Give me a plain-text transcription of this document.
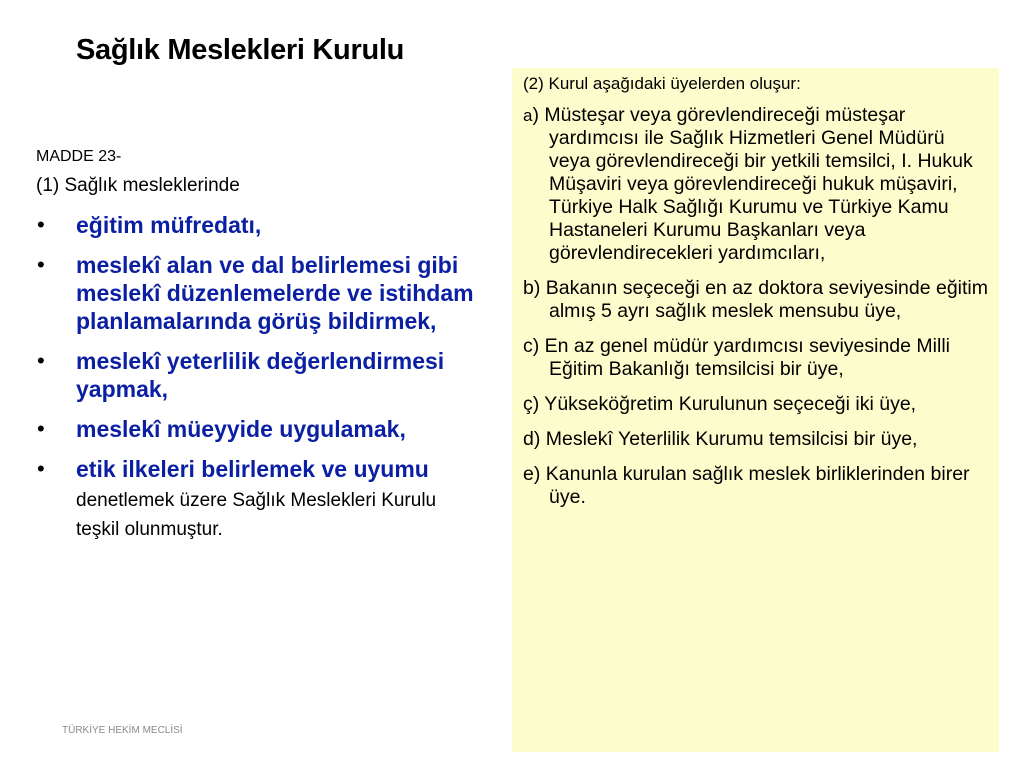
Sağlık Meslekleri Kurulu
MADDE 23-
(1) Sağlık mesleklerinde
• eğitim müfredatı,
• meslekî alan ve dal belirlemesi gibi meslekî düzenlemelerde ve istihdam planlamalarında görüş bildirmek,
• meslekî yeterlilik değerlendirmesi yapmak,
• meslekî müeyyide uygulamak,
• etik ilkeleri belirlemek ve uyumu denetlemek üzere Sağlık Meslekleri Kurulu teşkil olunmuştur.
(2) Kurul aşağıdaki üyelerden oluşur:
a) Müsteşar veya görevlendireceği müsteşar yardımcısı ile Sağlık Hizmetleri Genel Müdürü veya görevlendireceği bir yetkili temsilci, I. Hukuk Müşaviri veya görevlendireceği hukuk müşaviri, Türkiye Halk Sağlığı Kurumu ve Türkiye Kamu Hastaneleri Kurumu Başkanları veya görevlendirecekleri yardımcıları,
b) Bakanın seçeceği en az doktora seviyesinde eğitim almış 5 ayrı sağlık meslek mensubu üye,
c) En az genel müdür yardımcısı seviyesinde Milli Eğitim Bakanlığı temsilcisi bir üye,
ç) Yükseköğretim Kurulunun seçeceği iki üye,
d) Meslekî Yeterlilik Kurumu temsilcisi bir üye,
e) Kanunla kurulan sağlık meslek birliklerinden birer üye.
TÜRKİYE HEKİM MECLİSİ
